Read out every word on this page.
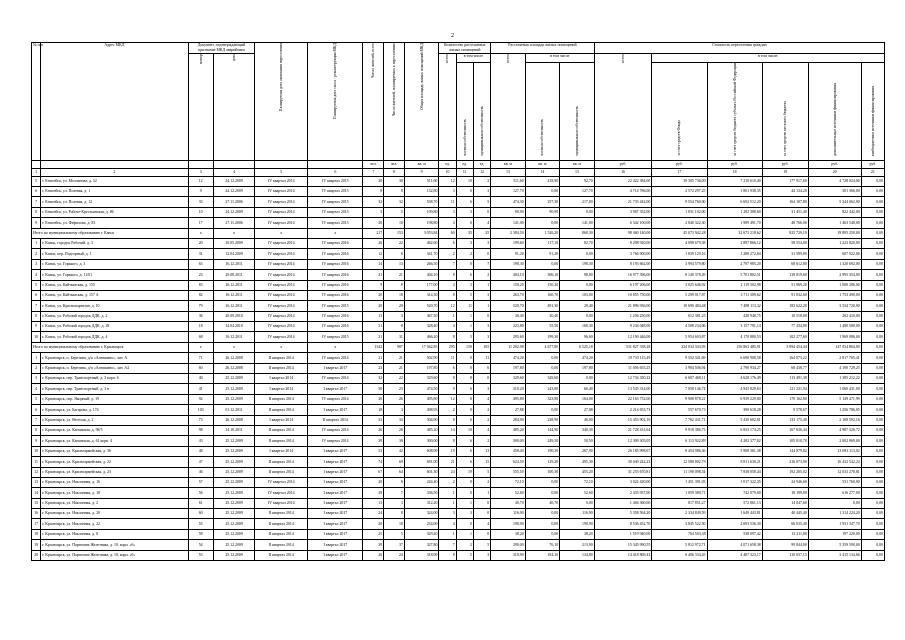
2
№ п/п	Адрес МКД	Документ, подтверждающий признание МКД аварийным		Планируемая дата окончания переселения	Планируемая дата сноса / реконструкции МКД	Число жителей, всего	Число жителей, планируемых к переселению	Общая площадь жилых помещений МКД	Количество расселяемых жилых помещений			Расселяемая площадь жилых помещений			Стоимость переселения граждан					
		номер	дата						всего	в том числе		всего	в том числе		всего	в том числе:				
										частная собственность	муниципальная собственность		частная собственность	муниципальная собственность		за счет средств Фонда	за счет средств бюджета субъекта Российской Федерации	за счет средств местного бюджета	дополнительные источники финансирования	внебюджетные источники финансирования
						чел.	чел.	кв. м	ед.	ед.	ед.	кв. м	кв. м	кв. м	руб.	руб.	руб.	руб.	руб.	руб.
1	2	3	4	5	6	7	8	9	10	11	12	13	14	15	16	17	18	19	20	21
5	г. Енисейск, ул. Молчанова, д. 52	12	24.12.2009	IV квартал 2014	IV квартал 2015	30	30	511,60	12	10	2	511,60	418,90	92,70	22 422 384,00	10 305 736,00	7 210 610,40	177 917,60	4 728 024,00	0,00
6	г. Енисейск, ул. Полевая, д. 1	9	24.12.2009	IV квартал 2014	IV квартал 2015	8	8	132,80	3	0	3	127,70	0,00	127,70	4 714 786,00	2 572 297,25	1 801 938,35	44 134,20	301 366,00	0,00
7	г. Енисейск, ул. Полевая, д. 12	33	27.11.2006	IV квартал 2014	IV квартал 2015	32	32	538,70	11	6	5	474,30	257,30	217,00	21 733 442,00	9 554 760,00	6 692 512,20	164 107,80	5 344 062,00	0,00
8	г. Енисейск, ул. Рабоче-Крестьянская, д. 86	10	24.12.2009	IV квартал 2014	IV квартал 2015	5	5	109,80	3	3	0	90,90	90,90	0,00	3 967 352,00	1 831 102,00	1 282 388,60	31 451,40	822 442,00	0,00
9	г. Енисейск, ул. Фефилова, д. 83	17	27.11.2006	IV квартал 2014	IV квартал 2015	20	10	198,80	4	0	4	141,00	0,00	141,00	6 342 100,00	2 840 322,30	1 989 491,70	48 766,00	1 463 540,00	0,00
Итого по муниципальному образованию г. Канск		x	x	x	x	217	153	3 053,84	60	35	25	2 384,50	1 526,20	860,30	98 460 140,00	45 073 942,28	32 673 218,62	825 729,10	19 895 250,00	0,00
1	г. Канск, городок Рабочий, д. 3	20	10.05.2009	IV квартал 2014	IV квартал 2016	26	22	462,60	6	3	3	199,60	117,10	82,70	8 298 920,00	4 098 679,38	2 897 866,12	58 554,00	1 223 820,00	0,00
2	г. Канск, пер. Подгорный, д. 1	31	12.04.2009	IV квартал 2014	IV квартал 2016	12	8	341,70	2	2	0	91,20	91,20	0,00	3 766 900,00	1 839 129,16	1 288 272,84	31 589,80	607 922,00	0,00
3	г. Канск, ул. Горького, д. 3	63	16.12.2011	IV квартал 2014	IV квартал 2016	14	13	266,50	7	0	7	198,30	0,00	198,30	8 193 662,00	3 994 579,80	2 797 985,20	68 612,80	1 320 692,00	0,00
4	г. Канск, ул. Горького, д. 11/01	23	29.08.2011	IV квартал 2014	IV квартал 2016	21	21	404,10	8	6	2	404,10	306,10	98,00	16 977 396,00	8 140 378,49	5 701 802,51	139 819,60	2 995 354,00	0,00
5	г. Канск, ул. Кайтымская, д. 155	83	16.12.2011	IV квартал 2014	IV квартал 2016	9	8	177,00	4	3	1	150,20	150,20	0,00	6 197 206,00	3 025 646,92	2 119 302,98	51 969,20	1 000 286,00	0,00
6	г. Канск, ул. Кайтымская, д. 157 А	82	16.12.2011	IV квартал 2014	IV квартал 2016	20	18	314,30	8	5	3	263,70	160,70	103,00	10 855 750,00	5 299 017,87	3 711 309,62	91 032,60	1 753 490,00	0,00
7	г. Канск, ул. Краснопартизан, д. 10	79	16.12.2011	IV квартал 2014	IV квартал 2015	20	20	520,70	12	11	1	520,70	491,30	29,40	21 896 936,00	10 690 484,48	7 488 113,32	183 622,20	3 534 720,00	0,00
8	г. Канск, ул. Рабочий городок ДДК, д. 2	36	20.09.2010	IV квартал 2014	IV квартал 2016	13	3	467,30	1	1	0	30,40	30,40	0,00	1 256 250,00	612 381,25	428 940,75	10 518,00	202 410,00	0,00
9	г. Канск, ул. Рабочий городок ДДК, д. 28	18	14.04.2010	IV квартал 2014	IV квартал 2016	31	9	328,40	4	1	3	223,80	55,50	168,30	9 234 048,00	4 508 234,06	3 157 791,14	77 434,80	1 490 588,00	0,00
10	г. Канск, ул. Рабочий городок ДДК, д. 4	68	16.12.2011	IV квартал 2014	IV квартал 2015	31	31	466,20	8	5	3	295,60	199,30	96,60	12 190 446,00	5 954 603,87	4 170 880,53	102 277,60	1 969 086,00	0,00
Итого по муниципальному образованию г. Красноярск		x	x	x	x	1342	987	17 042,85	295	150	105	11 202,98	4 677,80	6 525,18	531 827 338,28	224 034 343,93	156 863 485,91	3 894 454,44	147 034 864,00	0,00
1	г. Красноярск, п. Березина, д/п «Алешкино», лит. А	71	26.12.2008	II квартал 2014	IV квартал 2014	21	21	502,90	11	0	11	474,20	0,00	474,20	19 733 115,49	9 552 341,69	6 690 908,58	164 073,22	2 817 765,41	0,00
2	г. Красноярск, п. Березина, д/п «Алешкино», лит. А2	60	26.12.2008	II квартал 2014	I квартал 2017	23	21	197,80	6	0	6	197,80	0,00	197,80	11 056 655,25	3 984 506,94	2 790 934,27	68 438,77	4 190 729,25	0,00
3	г. Красноярск, пер. Транспортный, д. 3 корп. 6	40	25.12.2009	I квартал 2014	IV квартал 2014	32	22	329,60	8	8	0	329,60	329,60	0,00	12 734 350,22	6 607 468,11	4 628 176,49	113 491,38	1 385 212,22	0,00
4	г. Красноярск, пер. Транспортный, д. 3 в	41	25.12.2009	I квартал 2014	I квартал 2017	30	23	474,50	9	6	3	310,20	243,80	66,40	13 545 314,00	7 058 146,74	4 943 829,63	121 231,94	1 060 431,00	0,00
5	г. Красноярск, пер. Якорный, д. 19	92	25.12.2009	II квартал 2014	IV квартал 2014	36	26	495,80	12	8	4	495,80	323,80	164,00	22 163 752,00	9 908 878,21	6 939 229,00	170 162,80	5 149 471,99	0,00
6	г. Красноярск, ул. Багарова, д. 174	103	01.12.2011	II квартал 2014	I квартал 2017	18	3	498,93	2	0	2	27,88	0,00	27,88	2 214 653,73	557 670,73	390 618,28	9 578,67	1 256 786,05	0,00
7	г. Красноярск, ул. Веселая, д. 2	73	26.12.2008	I квартал 2014	II квартал 2014	33	33	304,90	8	6	2	284,90	238,90	46,00	15 453 902,16	7 762 431,71	5 430 602,81	133 175,40	2 108 592,16	0,00
8	г. Красноярск, ул. Кичанская, д. 98/5	98	14.10.2011	II квартал 2014	IV квартал 2014	26	26	485,20	14	10	4	485,20	144,90	340,30	21 728 431,64	9 918 386,73	6 833 174,25	167 636,44	4 987 326,72	0,00
9	г. Красноярск, ул. Кичанская, д. 61 корп. 4	43	25.12.2009	II квартал 2014	IV квартал 2014	39	39	300,00	8	6	2	300,00	249,50	50,50	12 309 305,05	6 113 922,89	4 282 377,02	105 010,70	2 002 969,00	0,00
10	г. Красноярск, ул. Красноармейская, д. 36	48	25.12.2009	I квартал 2014	I квартал 2017	53	42	608,90	19	6	13	458,40	190,30	267,90	26 185 998,67	8 454 986,36	5 908 361,38	144 879,82	13 693 113,02	0,00
11	г. Красноярск, ул. Красноармейская, д. 22	47	25.12.2009	II квартал 2014	I квартал 2017	74	69	691,00	21	6	15	624,50	129,20	495,30	30 040 242,23	12 580 002,79	8 811 630,21	216 073,90	16 432 542,23	0,00
12	г. Красноярск, ул. Красноармейская, д. 23	46	25.12.2009	II квартал 2014	I квартал 2017	67	64	601,30	24	19	5	555,50	100,30	455,20	31 253 670,81	11 190 098,54	7 838 058,44	192 205,02	12 033 278,81	0,00
13	г. Красноярск, ул. Наклонная, д. 16	57	25.12.2009	IV квартал 2014	I квартал 2017	20	9	244,40	2	0	2	72,10	0,00	72,10	3 024 420,00	1 451 391,03	1 017 322,35	24 946,60	531 760,00	0,00
14	г. Красноярск, ул. Наклонная, д. 18	56	25.12.2009	IV квартал 2014	I квартал 2017	29	7	336,50	1	0	1	52,60	0,00	52,60	2 435 937,00	1 059 380,71	742 079,00	18 199,80	616 277,00	0,00
15	г. Красноярск, ул. Наклонная, д. 2	61	25.12.2009	IV квартал 2014	I квартал 2017	13	3	312,20	1	1	0	40,70	40,70	0,00	1 404 360,00	817 851,27	572 861,13	14 047,60	0,00	0,00
16	г. Красноярск, ул. Наклонная, д. 20	60	25.12.2009	II квартал 2014	I квартал 2017	24	8	324,00	3	3	0	116,90	0,00	116,90	5 358 564,20	2 334 849,59	1 649 443,81	40 445,40	1 314 224,20	0,00
17	г. Красноярск, ул. Наклонная, д. 22	55	25.12.2009	II квартал 2014	I квартал 2017	20	18	234,00	4	0	4	190,90	0,00	190,90	8 536 452,70	3 845 522,50	2 693 536,30	66 035,40	1 931 347,70	0,00
18	г. Красноярск, ул. Наклонная, д. 8	58	25.12.2009	II квартал 2014	I квартал 2017	25	5	329,40	1	1	0	38,20	0,00	38,20	1 519 940,00	764 503,38	538 097,42	13 211,80	197 220,00	0,00
19	г. Красноярск, ул. Партизана Железняка, д. 10, корп. «б»	54	25.12.2009	II квартал 2014	I квартал 2017	39	37	327,80	7	2	5	290,00	76,10	213,90	15 345 990,55	5 812 972,71	4 071 658,38	99 844,00	5 359 590,00	0,00
20	г. Красноярск, ул. Партизана Железняка, д. 10, корп. «б»	53	25.12.2009	II квартал 2014	I квартал 2017	26	24	318,90	8	5	3	318,90	184,10	134,80	14 418 869,43	6 406 334,45	4 487 323,17	110 037,15	3 415 134,66	0,00
